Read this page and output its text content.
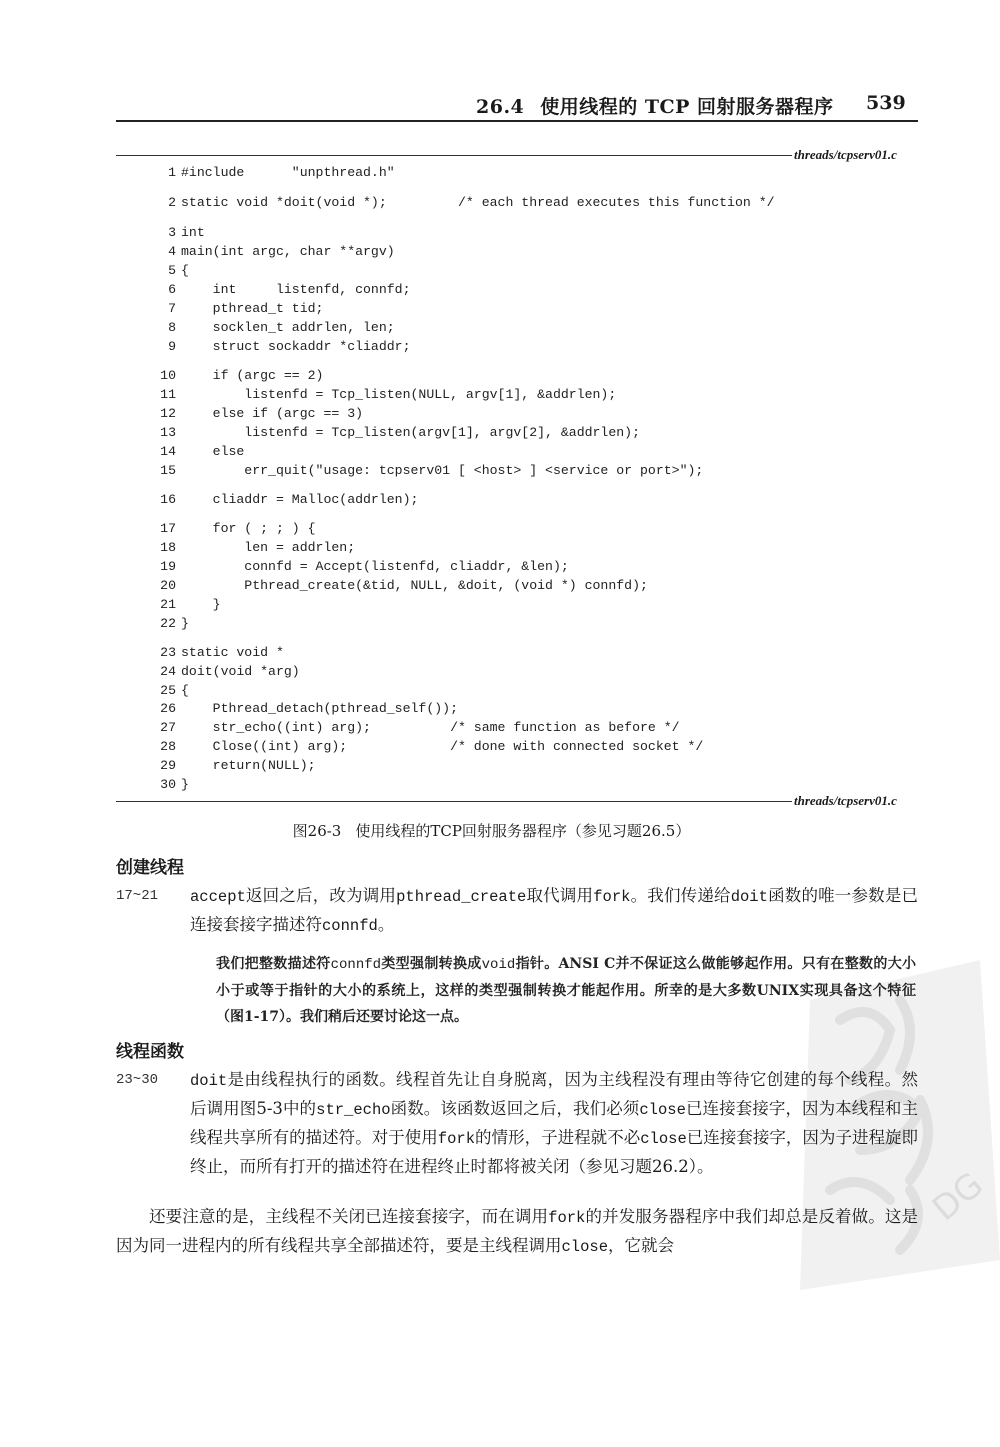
26.4 使用线程的 TCP 回射服务器程序 539
DG
threads/tcpserv01.c
1 #include      "unpthread.h"
2 static void *doit(void *);         /* each thread executes this function */
3 int
4 main(int argc, char **argv)
5 {
6    int     listenfd, connfd;
7    pthread_t tid;
8    socklen_t addrlen, len;
9    struct sockaddr *cliaddr;
10    if (argc == 2)
11        listenfd = Tcp_listen(NULL, argv[1], &addrlen);
12    else if (argc == 3)
13        listenfd = Tcp_listen(argv[1], argv[2], &addrlen);
14    else
15        err_quit("usage: tcpserv01 [ <host> ] <service or port>");
16    cliaddr = Malloc(addrlen);
17    for ( ; ; ) {
18        len = addrlen;
19        connfd = Accept(listenfd, cliaddr, &len);
20        Pthread_create(&tid, NULL, &doit, (void *) connfd);
21    }
22 }
23 static void *
24 doit(void *arg)
25 {
26    Pthread_detach(pthread_self());
27    str_echo((int) arg);          /* same function as before */
28    Close((int) arg);             /* done with connected socket */
29    return(NULL);
30 }
threads/tcpserv01.c
图26-3 使用线程的TCP回射服务器程序（参见习题26.5）
创建线程
17~21 accept返回之后，改为调用pthread_create取代调用fork。我们传递给doit函数的唯一参数是已连接套接字描述符connfd。
我们把整数描述符connfd类型强制转换成void指针。ANSI C并不保证这么做能够起作用。只有在整数的大小小于或等于指针的大小的系统上，这样的类型强制转换才能起作用。所幸的是大多数UNIX实现具备这个特征（图1-17）。我们稍后还要讨论这一点。
线程函数
23~30 doit是由线程执行的函数。线程首先让自身脱离，因为主线程没有理由等待它创建的每个线程。然后调用图5-3中的str_echo函数。该函数返回之后，我们必须close已连接套接字，因为本线程和主线程共享所有的描述符。对于使用fork的情形，子进程就不必close已连接套接字，因为子进程旋即终止，而所有打开的描述符在进程终止时都将被关闭（参见习题26.2）。
还要注意的是，主线程不关闭已连接套接字，而在调用fork的并发服务器程序中我们却总是反着做。这是因为同一进程内的所有线程共享全部描述符，要是主线程调用close，它就会
